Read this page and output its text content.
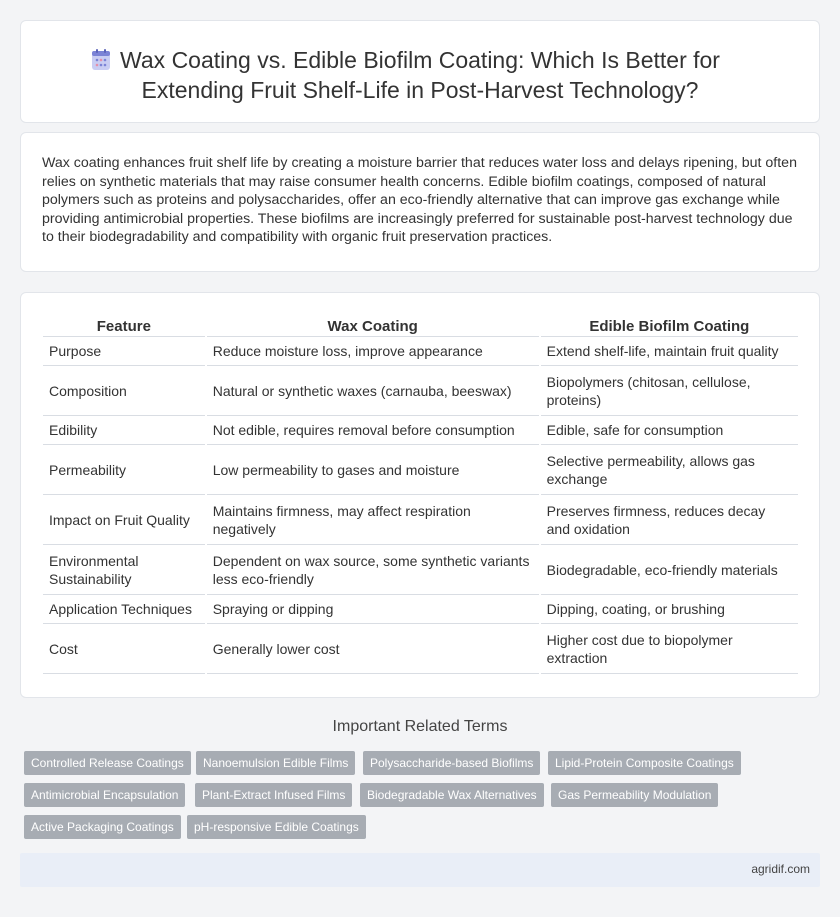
Wax Coating vs. Edible Biofilm Coating: Which Is Better for Extending Fruit Shelf-Life in Post-Harvest Technology?

Wax coating enhances fruit shelf life by creating a moisture barrier that reduces water loss and delays ripening, but often relies on synthetic materials that may raise consumer health concerns. Edible biofilm coatings, composed of natural polymers such as proteins and polysaccharides, offer an eco-friendly alternative that can improve gas exchange while providing antimicrobial properties. These biofilms are increasingly preferred for sustainable post-harvest technology due to their biodegradability and compatibility with organic fruit preservation practices.

Feature	Wax Coating	Edible Biofilm Coating
Purpose	Reduce moisture loss, improve appearance	Extend shelf-life, maintain fruit quality
Composition	Natural or synthetic waxes (carnauba, beeswax)	Biopolymers (chitosan, cellulose, proteins)
Edibility	Not edible, requires removal before consumption	Edible, safe for consumption
Permeability	Low permeability to gases and moisture	Selective permeability, allows gas exchange
Impact on Fruit Quality	Maintains firmness, may affect respiration negatively	Preserves firmness, reduces decay and oxidation
Environmental Sustainability	Dependent on wax source, some synthetic variants less eco-friendly	Biodegradable, eco-friendly materials
Application Techniques	Spraying or dipping	Dipping, coating, or brushing
Cost	Generally lower cost	Higher cost due to biopolymer extraction
Important Related Terms
Controlled Release Coatings	Nanoemulsion Edible Films	Polysaccharide-based Biofilms	Lipid-Protein Composite Coatings
Antimicrobial Encapsulation	Plant-Extract Infused Films	Biodegradable Wax Alternatives	Gas Permeability Modulation
Active Packaging Coatings	pH-responsive Edible Coatings
agridif.com
